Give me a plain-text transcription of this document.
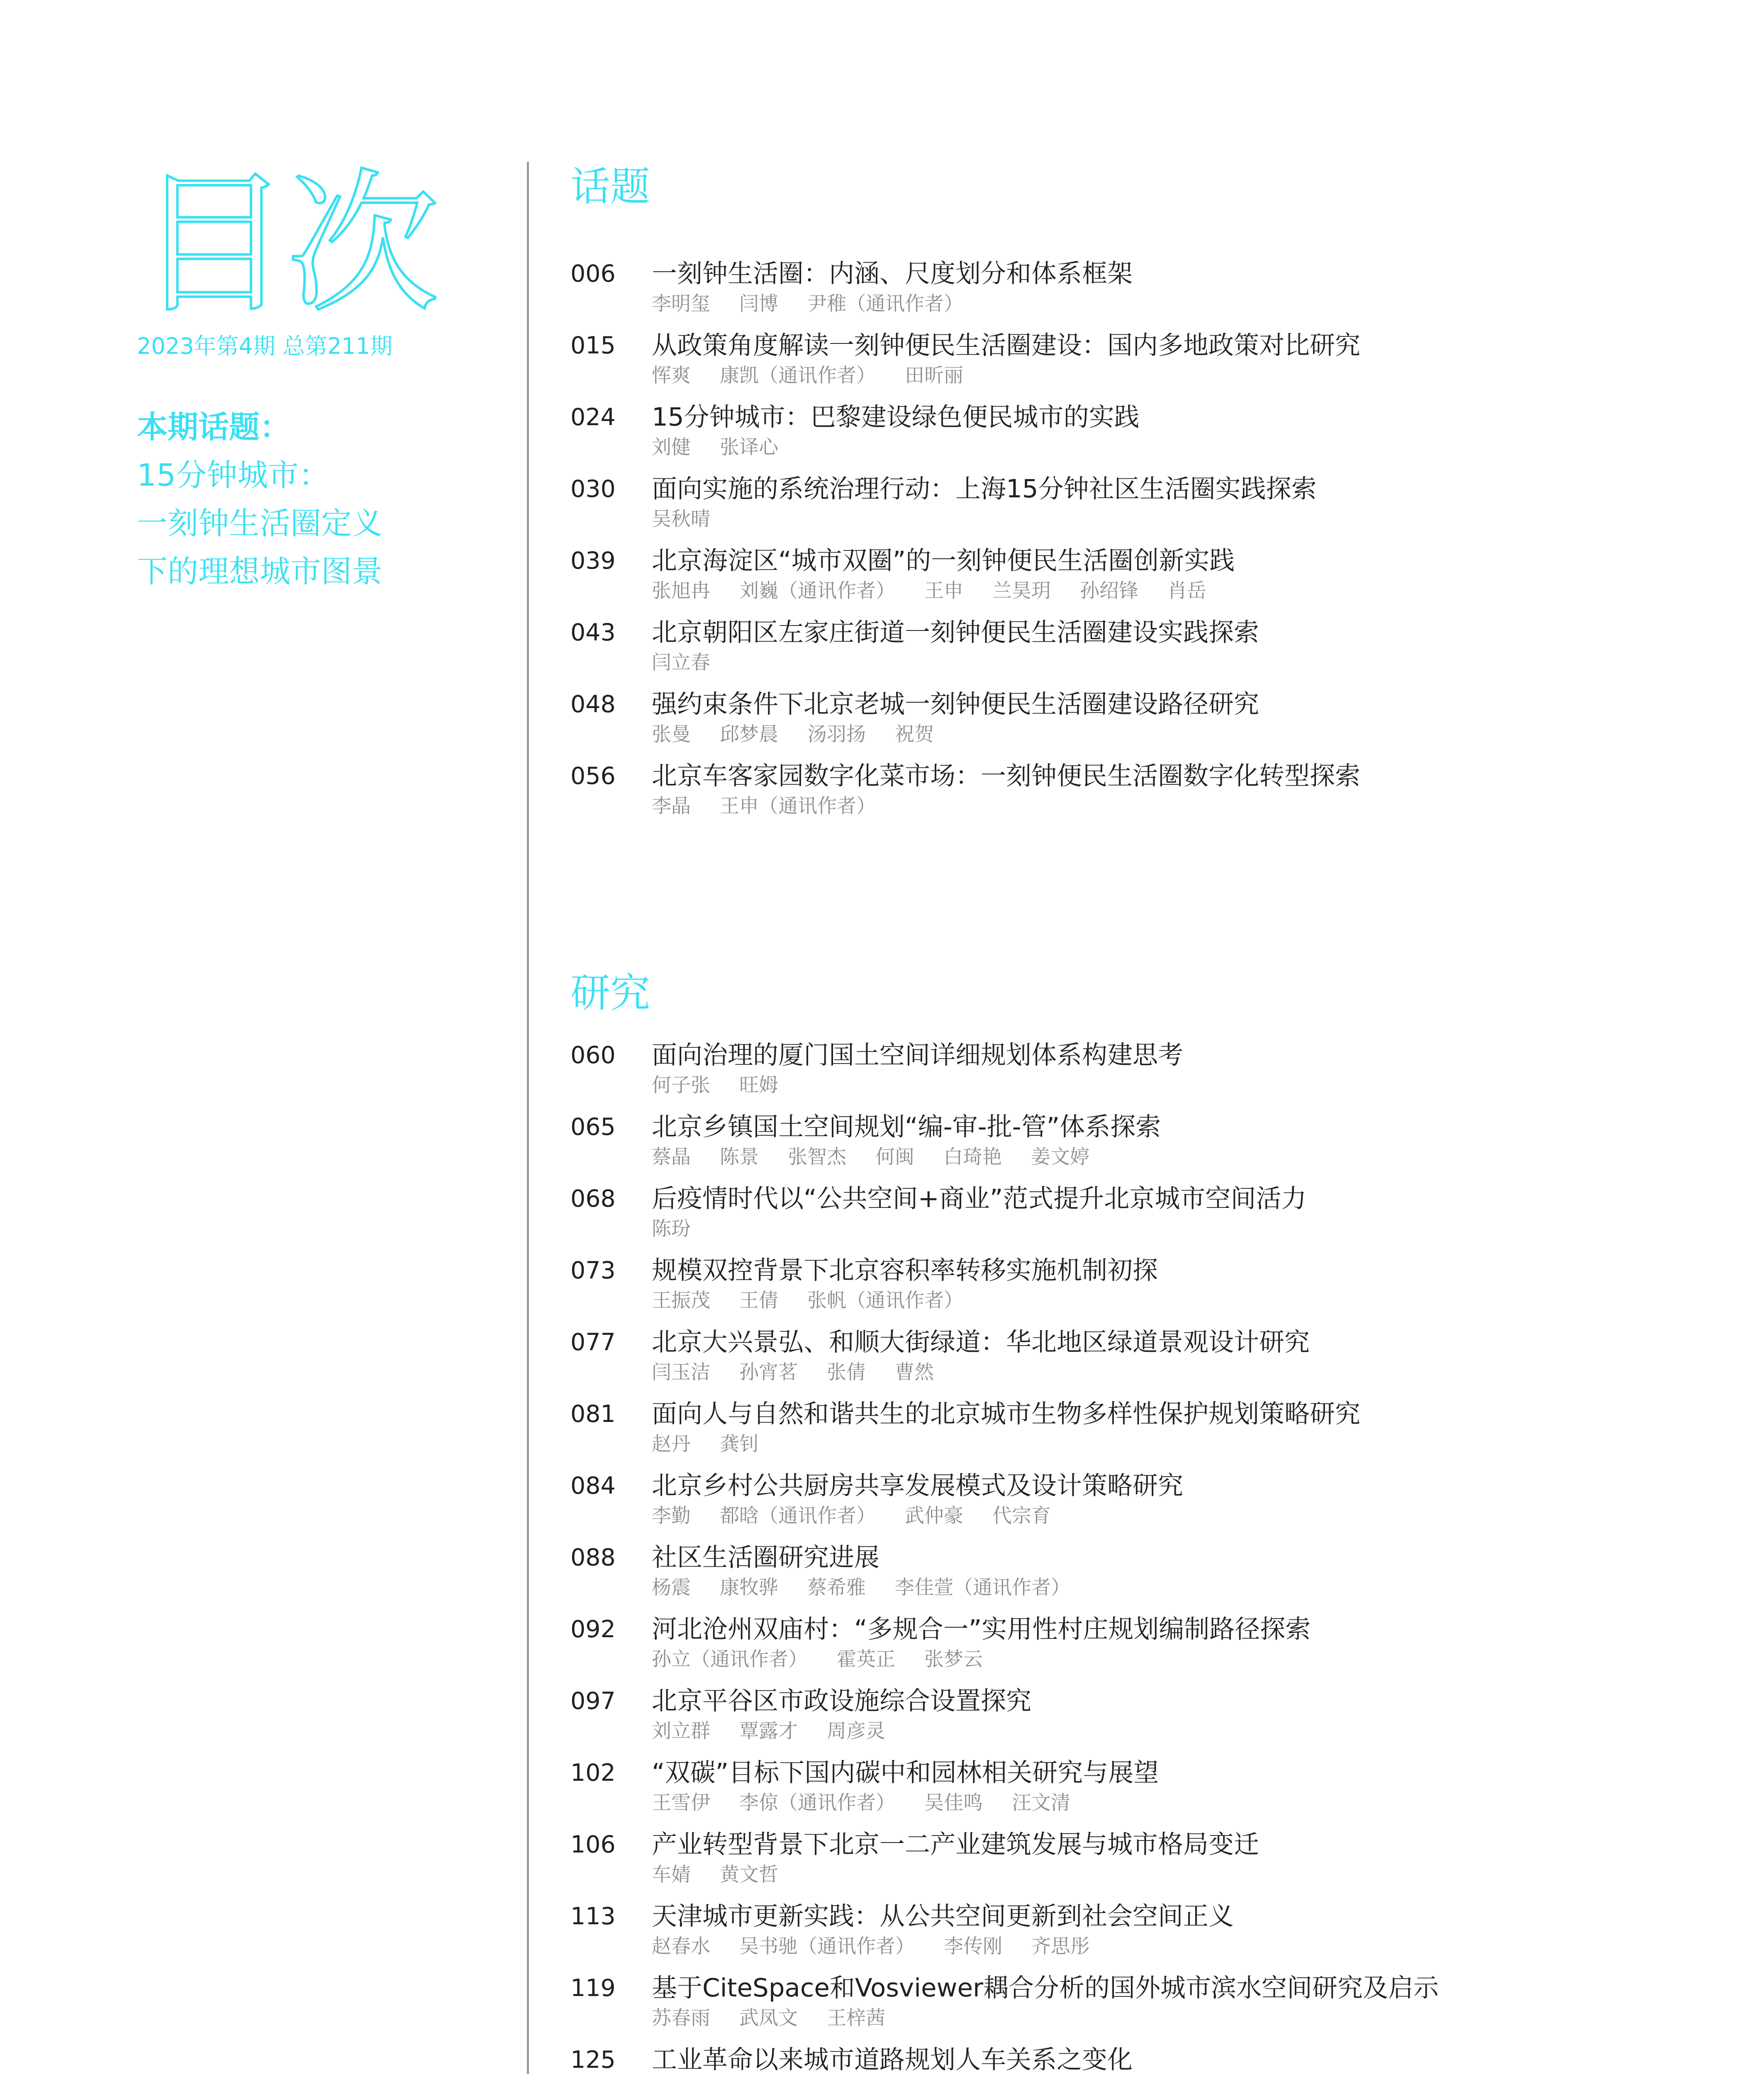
目次
2023年第4期 总第211期
本期话题：
15分钟城市：
一刻钟生活圈定义
下的理想城市图景
话题
006 一刻钟生活圈：内涵、尺度划分和体系框架
李明玺 闫博 尹稚（通讯作者）
015 从政策角度解读一刻钟便民生活圈建设：国内多地政策对比研究
恽爽 康凯（通讯作者） 田昕丽
024 15分钟城市：巴黎建设绿色便民城市的实践
刘健 张译心
030 面向实施的系统治理行动：上海15分钟社区生活圈实践探索
吴秋晴
039 北京海淀区“城市双圈”的一刻钟便民生活圈创新实践
张旭冉 刘巍（通讯作者） 王申 兰昊玥 孙绍锋 肖岳
043 北京朝阳区左家庄街道一刻钟便民生活圈建设实践探索
闫立春
048 强约束条件下北京老城一刻钟便民生活圈建设路径研究
张曼 邱梦晨 汤羽扬 祝贺
056 北京车客家园数字化菜市场：一刻钟便民生活圈数字化转型探索
李晶 王申（通讯作者）
研究
060 面向治理的厦门国土空间详细规划体系构建思考
何子张 旺姆
065 北京乡镇国土空间规划“编-审-批-管”体系探索
蔡晶 陈景 张智杰 何闽 白琦艳 姜文婷
068 后疫情时代以“公共空间+商业”范式提升北京城市空间活力
陈玢
073 规模双控背景下北京容积率转移实施机制初探
王振茂 王倩 张帆（通讯作者）
077 北京大兴景弘、和顺大街绿道：华北地区绿道景观设计研究
闫玉洁 孙宵茗 张倩 曹然
081 面向人与自然和谐共生的北京城市生物多样性保护规划策略研究
赵丹 龚钊
084 北京乡村公共厨房共享发展模式及设计策略研究
李勤 都晗（通讯作者） 武仲豪 代宗育
088 社区生活圈研究进展
杨震 康牧骅 蔡希雅 李佳萱（通讯作者）
092 河北沧州双庙村：“多规合一”实用性村庄规划编制路径探索
孙立（通讯作者） 霍英正 张梦云
097 北京平谷区市政设施综合设置探究
刘立群 覃露才 周彦灵
102 “双碳”目标下国内碳中和园林相关研究与展望
王雪伊 李倞（通讯作者） 吴佳鸣 汪文清
106 产业转型背景下北京一二产业建筑发展与城市格局变迁
车婧 黄文哲
113 天津城市更新实践：从公共空间更新到社会空间正义
赵春水 吴书驰（通讯作者） 李传刚 齐思彤
119 基于CiteSpace和Vosviewer耦合分析的国外城市滨水空间研究及启示
苏春雨 武凤文 王梓茜
125 工业革命以来城市道路规划人车关系之变化
